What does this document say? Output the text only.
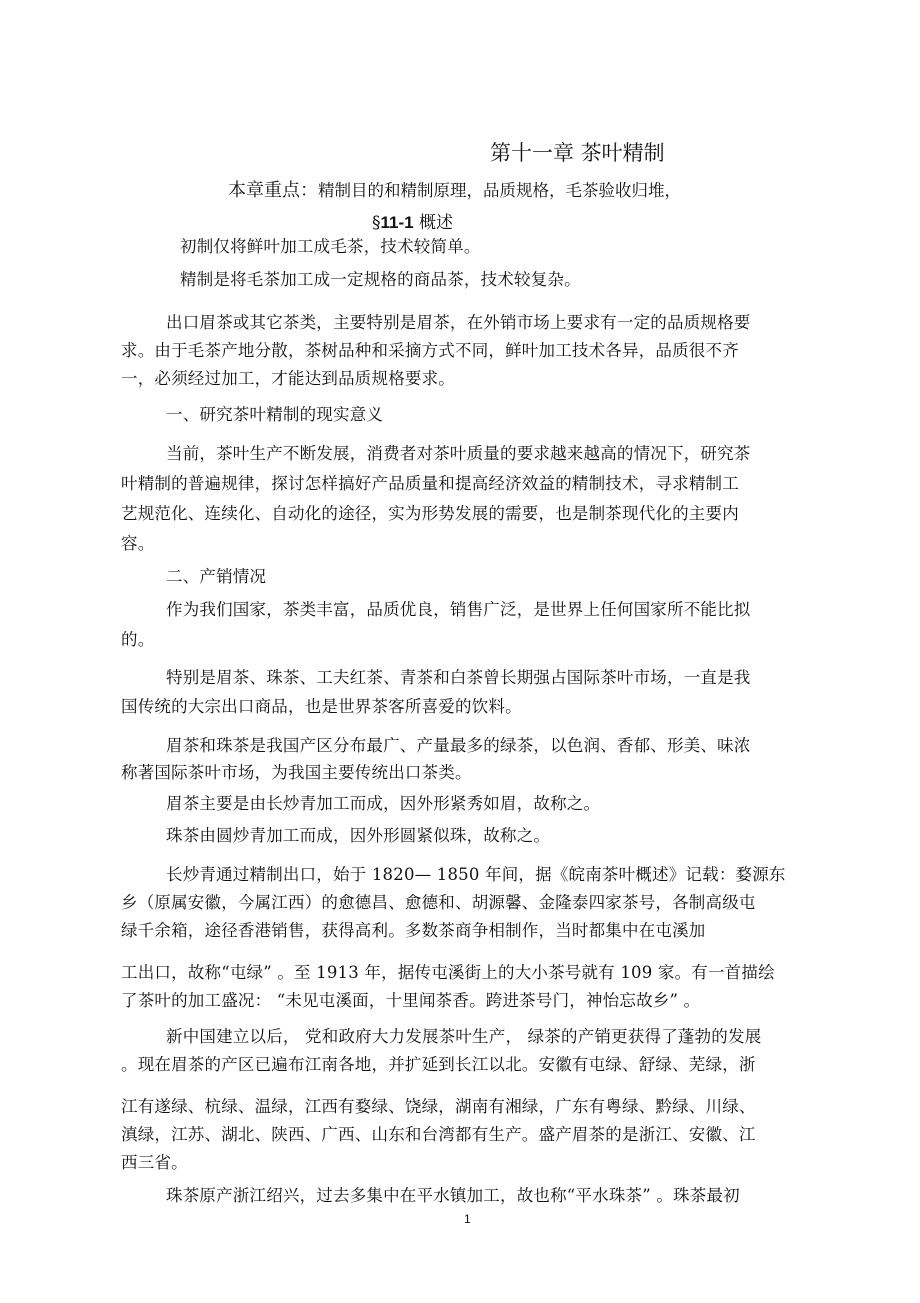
第十一章 茶叶精制
本章重点：精制目的和精制原理，品质规格，毛茶验收归堆，
§11-1 概述
初制仅将鲜叶加工成毛茶，技术较简单。
精制是将毛茶加工成一定规格的商品茶，技术较复杂。
出口眉茶或其它茶类，主要特别是眉茶，在外销市场上要求有一定的品质规格要
求。由于毛茶产地分散，茶树品种和采摘方式不同，鲜叶加工技术各异，品质很不齐
一，必须经过加工，才能达到品质规格要求。
一、研究茶叶精制的现实意义
当前，茶叶生产不断发展，消费者对茶叶质量的要求越来越高的情况下，研究茶
叶精制的普遍规律，探讨怎样搞好产品质量和提高经济效益的精制技术，寻求精制工
艺规范化、连续化、自动化的途径，实为形势发展的需要，也是制茶现代化的主要内
容。
二、产销情况
作为我们国家，茶类丰富，品质优良，销售广泛，是世界上任何国家所不能比拟
的。
特别是眉茶、珠茶、工夫红茶、青茶和白茶曾长期强占国际茶叶市场，一直是我
国传统的大宗出口商品，也是世界茶客所喜爱的饮料。
眉茶和珠茶是我国产区分布最广、产量最多的绿茶，以色润、香郁、形美、味浓
称著国际茶叶市场，为我国主要传统出口茶类。
眉茶主要是由长炒青加工而成，因外形紧秀如眉，故称之。
珠茶由圆炒青加工而成，因外形圆紧似珠，故称之。
长炒青通过精制出口，始于 1820— 1850 年间，据《皖南茶叶概述》记载：婺源东
乡（原属安徽，今属江西）的愈德昌、愈德和、胡源馨、金隆泰四家茶号，各制高级屯
绿千余箱，途径香港销售，获得高利。多数茶商争相制作，当时都集中在屯溪加
工出口，故称“屯绿” 。至 1913 年，据传屯溪街上的大小茶号就有 109 家。有一首描绘
了茶叶的加工盛况： “未见屯溪面，十里闻茶香。跨进茶号门，神怡忘故乡” 。
新中国建立以后， 党和政府大力发展茶叶生产， 绿茶的产销更获得了蓬勃的发展
。现在眉茶的产区已遍布江南各地，并扩延到长江以北。安徽有屯绿、舒绿、芜绿，浙
江有遂绿、杭绿、温绿，江西有婺绿、饶绿，湖南有湘绿，广东有粤绿、黔绿、川绿、
滇绿，江苏、湖北、陕西、广西、山东和台湾都有生产。盛产眉茶的是浙江、安徽、江
西三省。
珠茶原产浙江绍兴，过去多集中在平水镇加工，故也称“平水珠茶” 。珠茶最初
1
